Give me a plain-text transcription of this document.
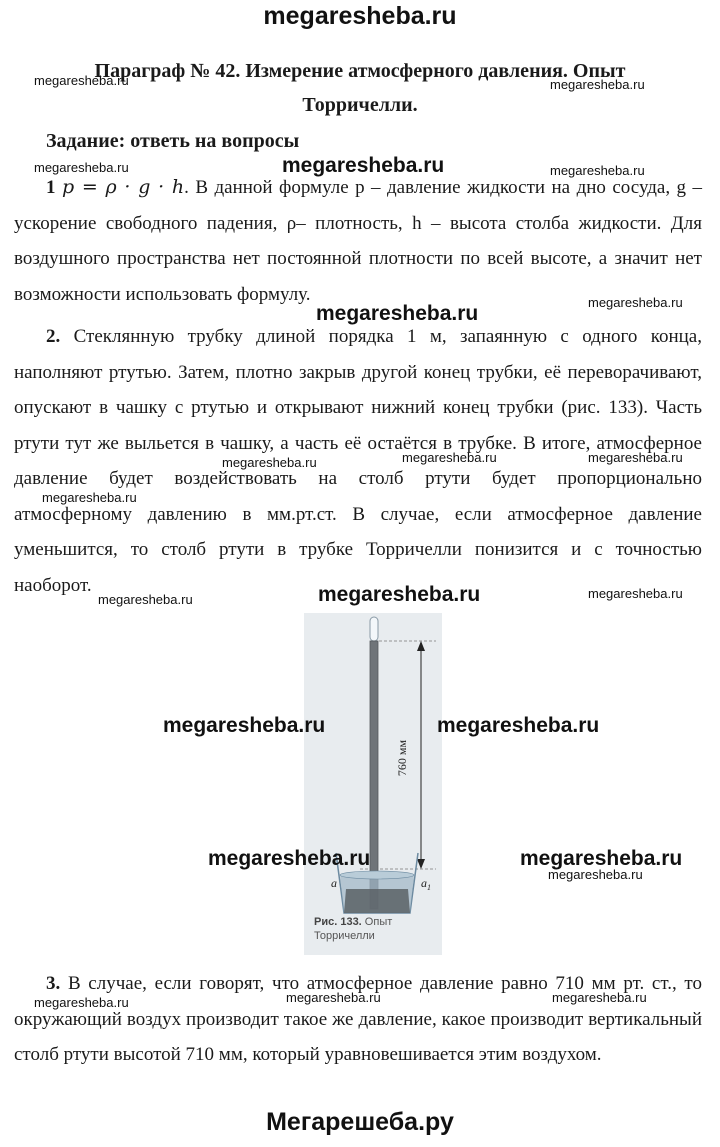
megaresheba.ru
Параграф № 42. Измерение атмосферного давления. Опыт
Торричелли.
Задание: ответь на вопросы
1 p = ρ · g · h. В данной формуле р – давление жидкости на дно сосуда, g – ускорение свободного падения, ρ– плотность, h – высота столба жидкости. Для воздушного пространства нет постоянной плотности по всей высоте, а значит нет возможности использовать формулу.
2. Стеклянную трубку длиной порядка 1 м, запаянную с одного конца, наполняют ртутью. Затем, плотно закрыв другой конец трубки, её переворачивают, опускают в чашку с ртутью и открывают нижний конец трубки (рис. 133). Часть ртути тут же выльется в чашку, а часть её остаётся в трубке. В итоге, атмосферное давление будет воздействовать на столб ртути будет пропорционально атмосферному давлению в мм.рт.ст. В случае, если атмосферное давление уменьшится, то столб ртути в трубке Торричелли понизится и с точностью наоборот.
760 мм
a	$a_1$
Рис. 133. Опыт
Торричелли
3. В случае, если говорят, что атмосферное давление равно 710 мм рт. ст., то окружающий воздух производит такое же давление, какое производит вертикальный столб ртути высотой 710 мм, который уравновешивается этим воздухом.
megaresheba.ru	megaresheba.ru
megaresheba.ru	megaresheba.ru
megaresheba.ru
megaresheba.ru	megaresheba.ru	megaresheba.ru
megaresheba.ru
megaresheba.ru	megaresheba.ru
megaresheba.ru
megaresheba.ru	megaresheba.ru	megaresheba.ru
megaresheba.ru
megaresheba.ru
megaresheba.ru
megaresheba.ru	megaresheba.ru
megaresheba.ru	megaresheba.ru
Мегарешеба.ру
